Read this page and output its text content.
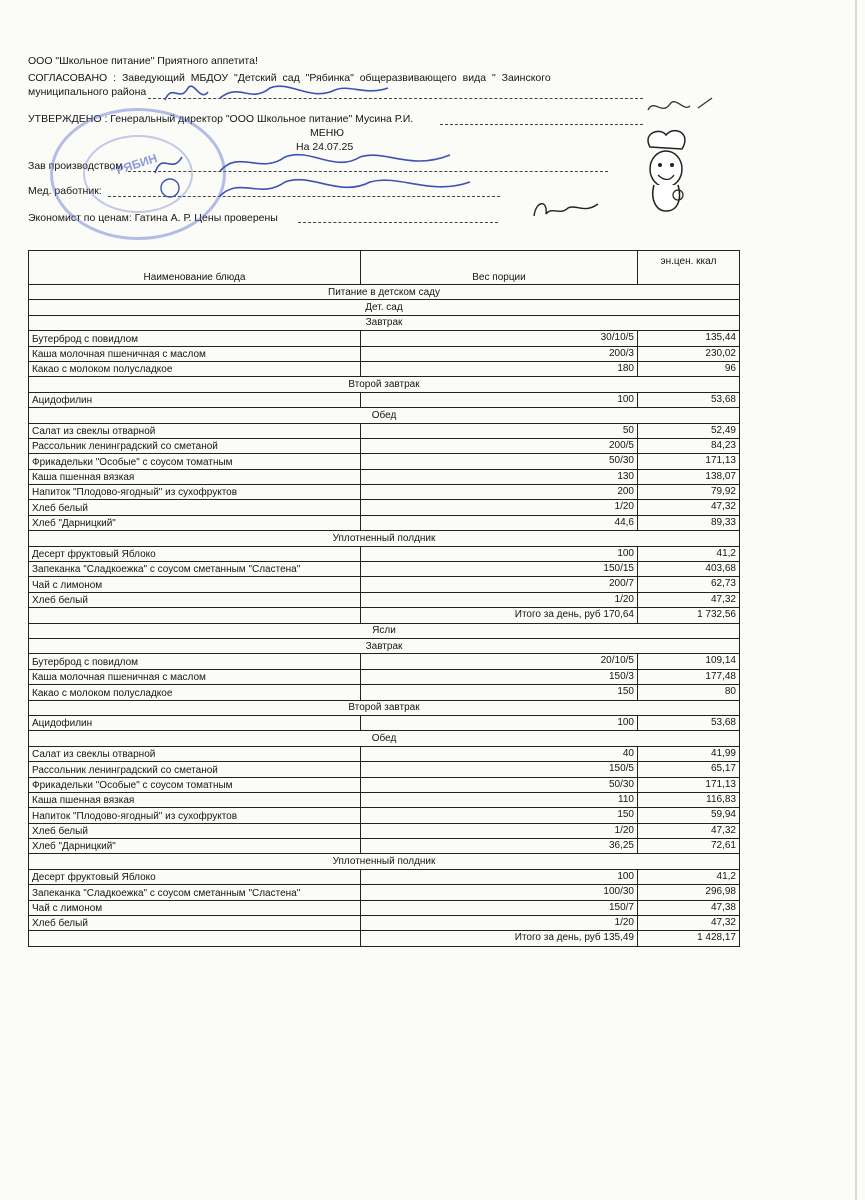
ООО "Школьное питание" Приятного аппетита!
СОГЛАСОВАНО : Заведующий МБДОУ "Детский сад "Рябинка" общеразвивающего вида " Заинского
муниципального района
УТВЕРЖДЕНО : Генеральный директор "ООО Школьное питание" Мусина Р.И.
МЕНЮ
На 24.07.25
Зав производством
Мед. работник:
Экономист по ценам: Гатина А. Р. Цены проверены
"РЯБИН
Наименование блюда	Вес порции	эн.цен. ккал
Питание в детском саду		
Дет. сад		
Завтрак		
Бутерброд с повидлом	30/10/5	135,44
Каша молочная пшеничная с маслом	200/3	230,02
Какао с молоком полусладкое	180	96
Второй завтрак		
Ацидофилин	100	53,68
Обед		
Салат из свеклы отварной	50	52,49
Рассольник ленинградский со сметаной	200/5	84,23
Фрикадельки "Особые" с соусом томатным	50/30	171,13
Каша пшенная вязкая	130	138,07
Напиток "Плодово-ягодный" из сухофруктов	200	79,92
Хлеб белый	1/20	47,32
Хлеб "Дарницкий"	44,6	89,33
Уплотненный полдник		
Десерт фруктовый Яблоко	100	41,2
Запеканка "Сладкоежка" с соусом сметанным "Сластена"	150/15	403,68
Чай с лимоном	200/7	62,73
Хлеб белый	1/20	47,32
	Итого за день, руб 170,64	1 732,56
Ясли		
Завтрак		
Бутерброд с повидлом	20/10/5	109,14
Каша молочная пшеничная с маслом	150/3	177,48
Какао с молоком полусладкое	150	80
Второй завтрак		
Ацидофилин	100	53,68
Обед		
Салат из свеклы отварной	40	41,99
Рассольник ленинградский со сметаной	150/5	65,17
Фрикадельки "Особые" с соусом томатным	50/30	171,13
Каша пшенная вязкая	110	116,83
Напиток "Плодово-ягодный" из сухофруктов	150	59,94
Хлеб белый	1/20	47,32
Хлеб "Дарницкий"	36,25	72,61
Уплотненный полдник		
Десерт фруктовый Яблоко	100	41,2
Запеканка "Сладкоежка" с соусом сметанным "Сластена"	100/30	296,98
Чай с лимоном	150/7	47,38
Хлеб белый	1/20	47,32
	Итого за день, руб 135,49	1 428,17
